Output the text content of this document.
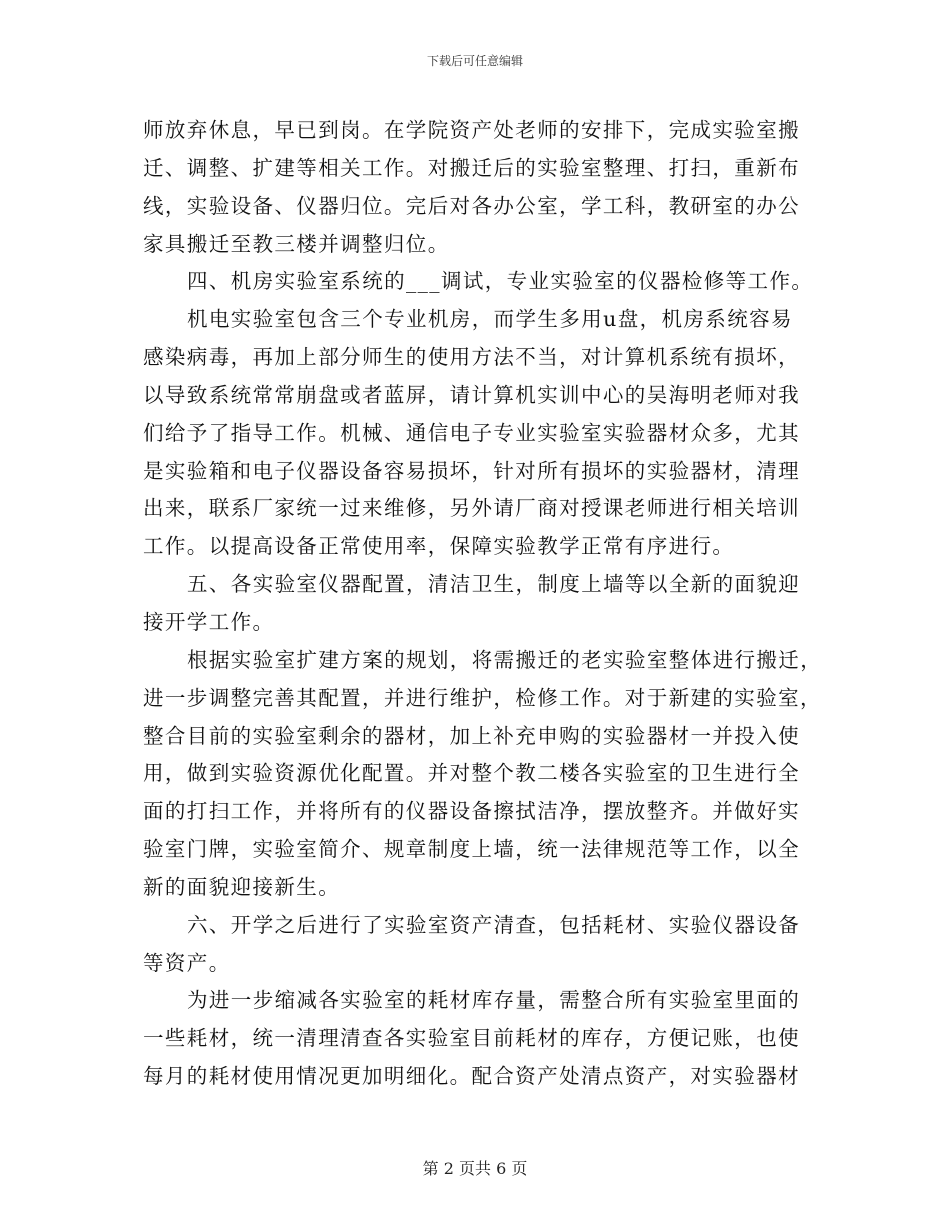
下载后可任意编辑
师放弃休息，早已到岗。在学院资产处老师的安排下，完成实验室搬
迁、调整、扩建等相关工作。对搬迁后的实验室整理、打扫，重新布
线，实验设备、仪器归位。完后对各办公室，学工科，教研室的办公
家具搬迁至教三楼并调整归位。
四、机房实验室系统的___调试，专业实验室的仪器检修等工作。
机电实验室包含三个专业机房，而学生多用u盘，机房系统容易
感染病毒，再加上部分师生的使用方法不当，对计算机系统有损坏，
以导致系统常常崩盘或者蓝屏，请计算机实训中心的吴海明老师对我
们给予了指导工作。机械、通信电子专业实验室实验器材众多，尤其
是实验箱和电子仪器设备容易损坏，针对所有损坏的实验器材，清理
出来，联系厂家统一过来维修，另外请厂商对授课老师进行相关培训
工作。以提高设备正常使用率，保障实验教学正常有序进行。
五、各实验室仪器配置，清洁卫生，制度上墙等以全新的面貌迎
接开学工作。
根据实验室扩建方案的规划，将需搬迁的老实验室整体进行搬迁，
进一步调整完善其配置，并进行维护，检修工作。对于新建的实验室，
整合目前的实验室剩余的器材，加上补充申购的实验器材一并投入使
用，做到实验资源优化配置。并对整个教二楼各实验室的卫生进行全
面的打扫工作，并将所有的仪器设备擦拭洁净，摆放整齐。并做好实
验室门牌，实验室简介、规章制度上墙，统一法律规范等工作，以全
新的面貌迎接新生。
六、开学之后进行了实验室资产清查，包括耗材、实验仪器设备
等资产。
为进一步缩减各实验室的耗材库存量，需整合所有实验室里面的
一些耗材，统一清理清查各实验室目前耗材的库存，方便记账，也使
每月的耗材使用情况更加明细化。配合资产处清点资产，对实验器材
第 2 页共 6 页
